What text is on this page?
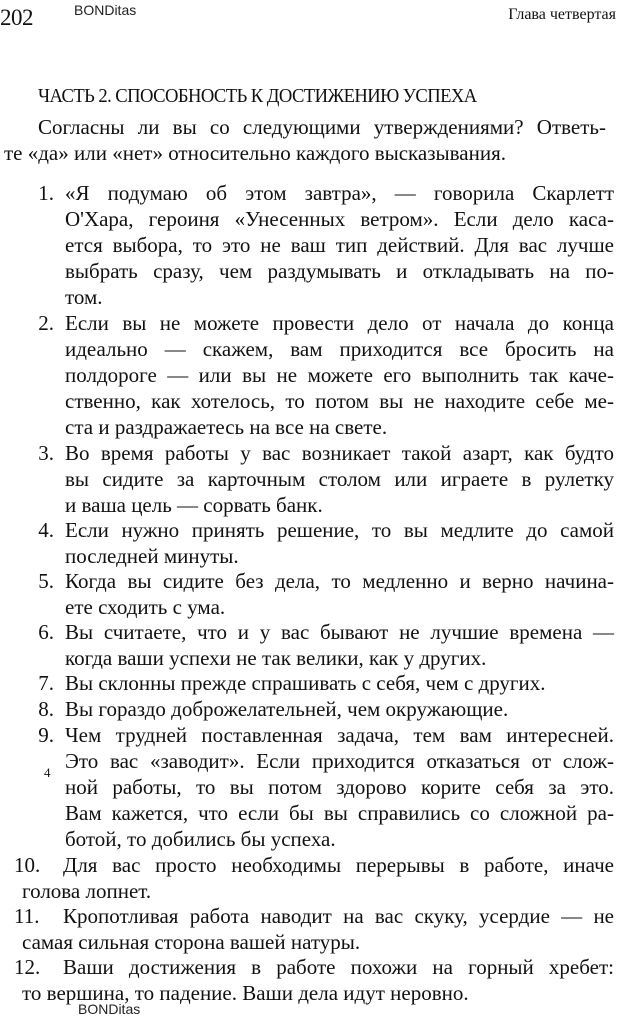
202	BONDitas	Глава четвертая
ЧАСТЬ 2. СПОСОБНОСТЬ К ДОСТИЖЕНИЮ УСПЕХА
Согласны ли вы со следующими утверждениями? Ответь-
те «да» или «нет» относительно каждого высказывания.
1. «Я подумаю об этом завтра», — говорила Скарлетт
О'Хара, героиня «Унесенных ветром». Если дело каса-
ется выбора, то это не ваш тип действий. Для вас лучше
выбрать сразу, чем раздумывать и откладывать на по-
том.
2. Если вы не можете провести дело от начала до конца
идеально — скажем, вам приходится все бросить на
полдороге — или вы не можете его выполнить так каче-
ственно, как хотелось, то потом вы не находите себе ме-
ста и раздражаетесь на все на свете.
3. Во время работы у вас возникает такой азарт, как будто
вы сидите за карточным столом или играете в рулетку
и ваша цель — сорвать банк.
4. Если нужно принять решение, то вы медлите до самой
последней минуты.
5. Когда вы сидите без дела, то медленно и верно начина-
ете сходить с ума.
6. Вы считаете, что и у вас бывают не лучшие времена —
когда ваши успехи не так велики, как у других.
7. Вы склонны прежде спрашивать с себя, чем с других.
8. Вы гораздо доброжелательней, чем окружающие.
9. Чем трудней поставленная задача, тем вам интересней.
Это вас «заводит». Если приходится отказаться от слож-
ной работы, то вы потом здорово корите себя за это.
Вам кажется, что если бы вы справились со сложной ра-
ботой, то добились бы успеха.
10.	Для вас просто необходимы перерывы в работе, иначе
голова лопнет.
11.	Кропотливая работа наводит на вас скуку, усердие — не
самая сильная сторона вашей натуры.
12.	Ваши достижения в работе похожи на горный хребет:
то вершина, то падение. Ваши дела идут неровно.
4
BONDitas
